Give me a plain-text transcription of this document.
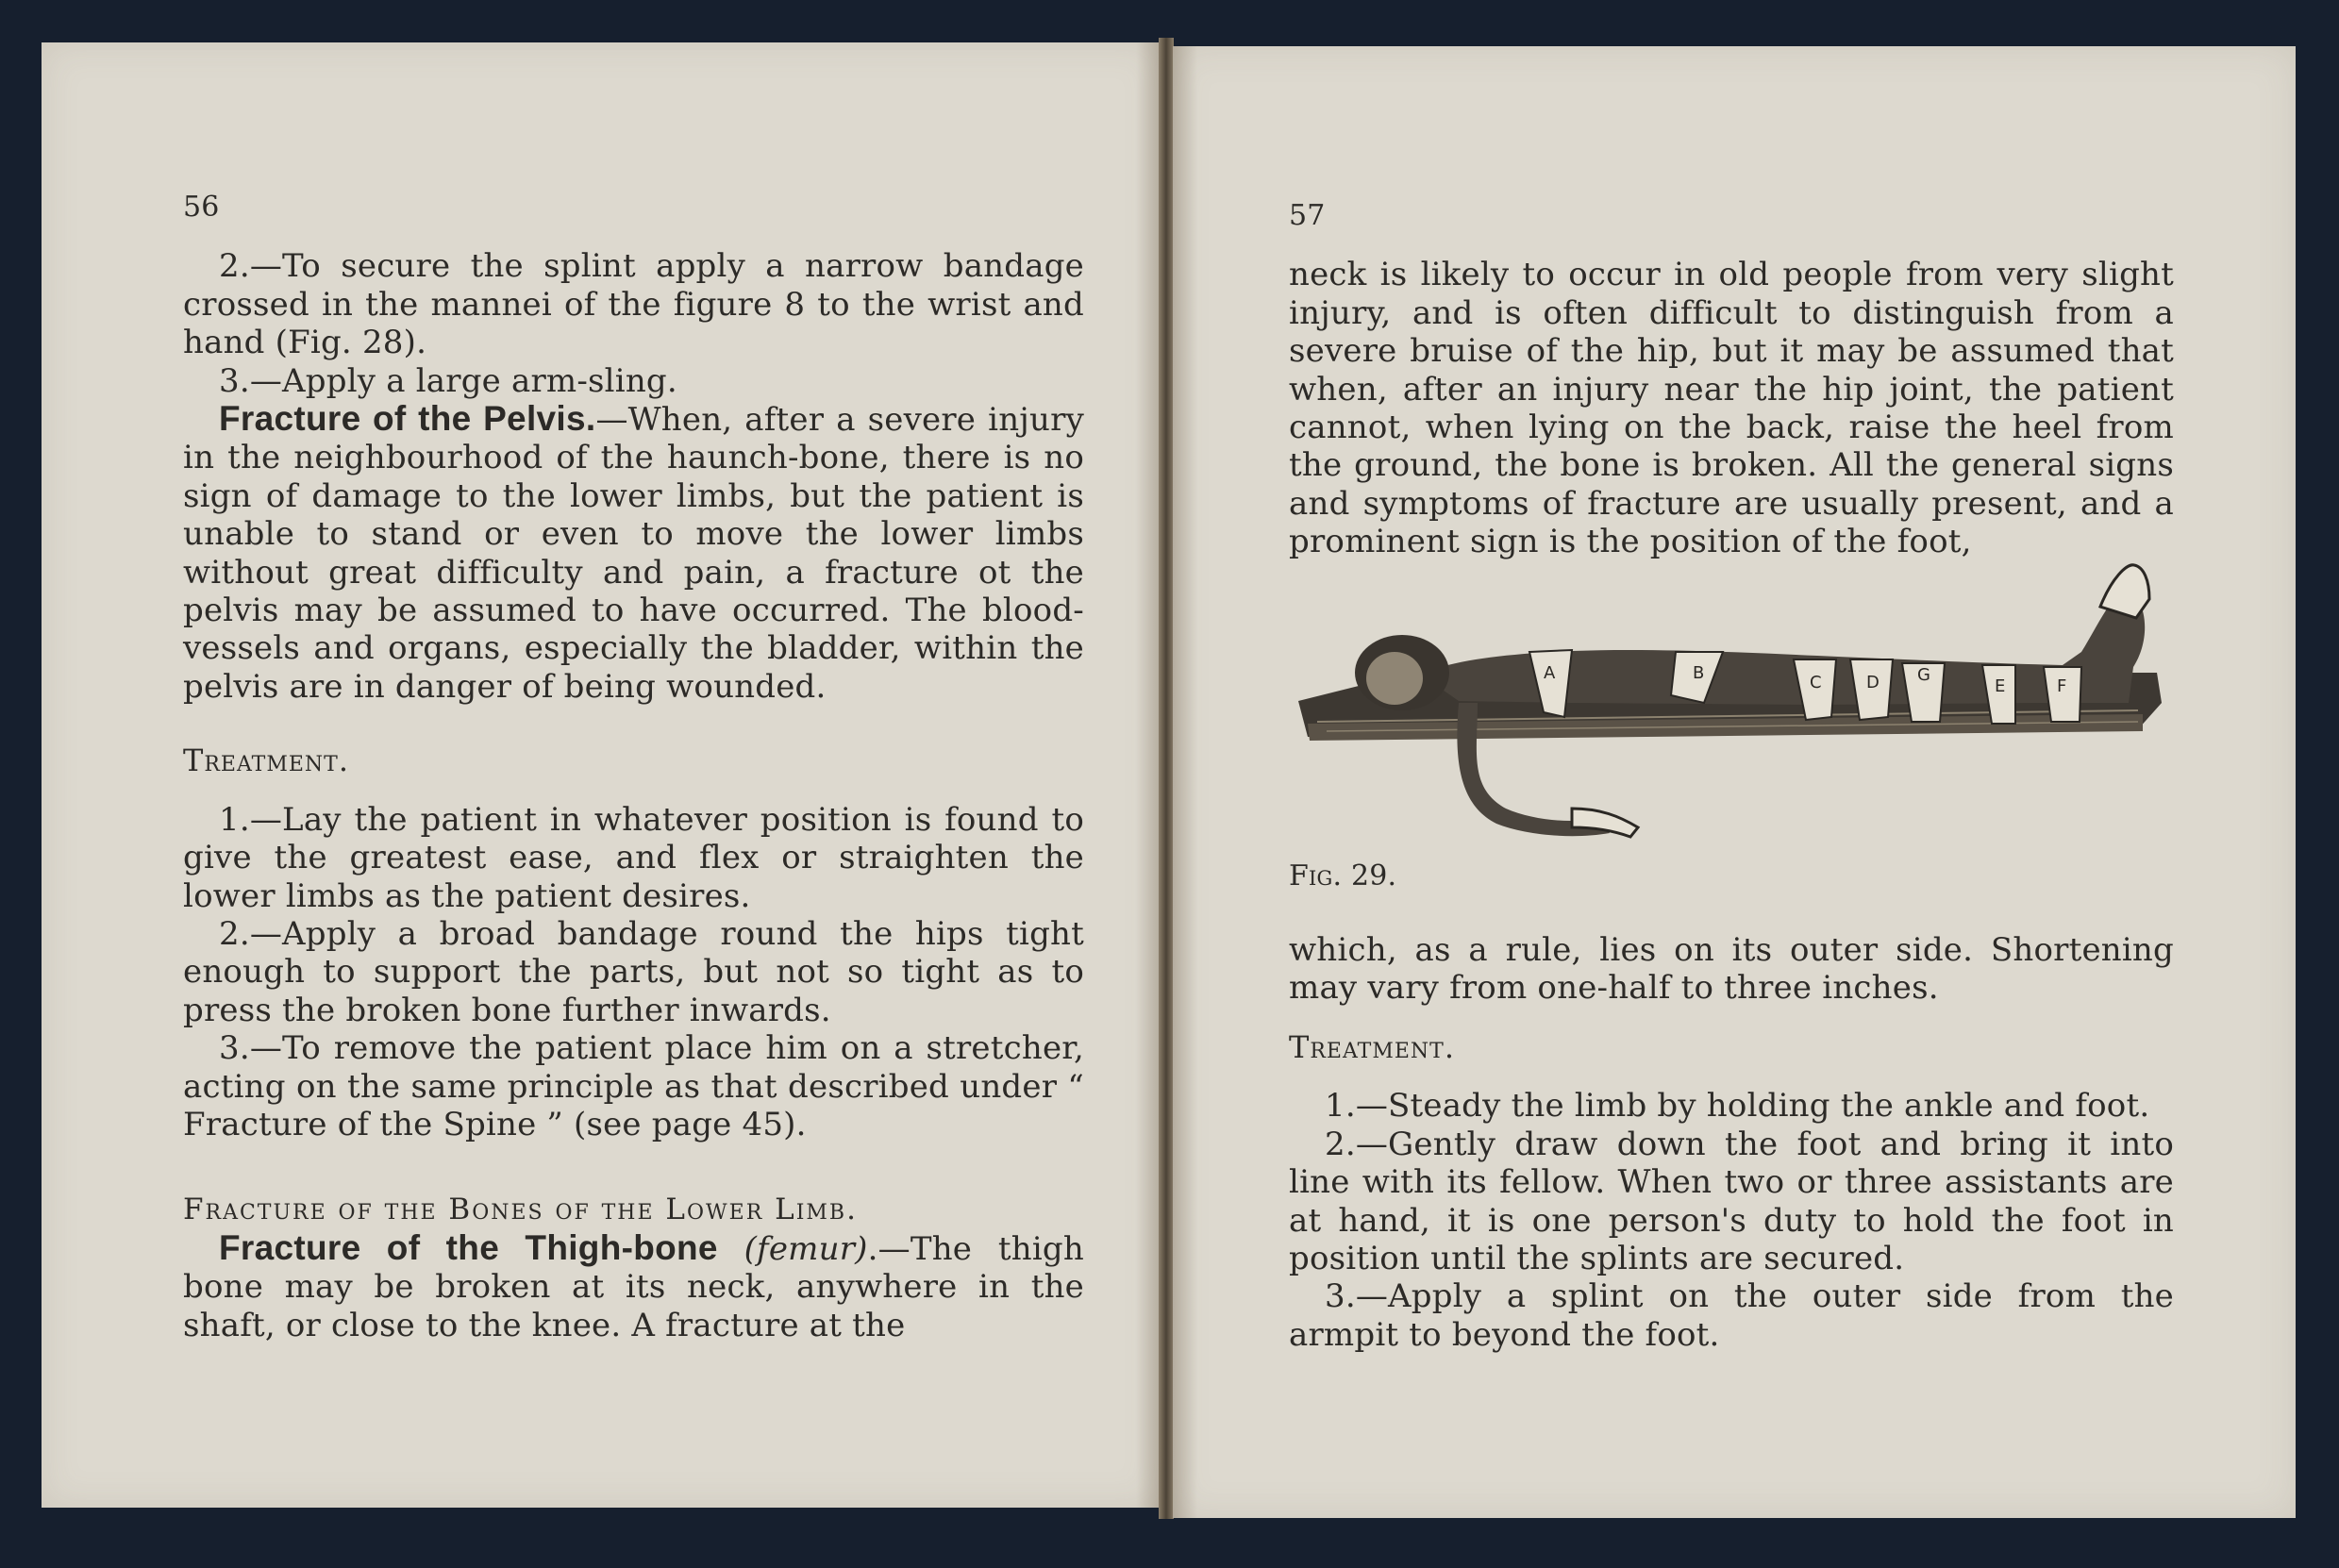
56

2.—To secure the splint apply a narrow bandage crossed in the mannei of the figure 8 to the wrist and hand (Fig. 28).

3.—Apply a large arm-sling.

Fracture of the Pelvis.—When, after a severe injury in the neighbourhood of the haunch-bone, there is no sign of damage to the lower limbs, but the patient is unable to stand or even to move the lower limbs without great difficulty and pain, a fracture ot the pelvis may be assumed to have occurred. The blood-vessels and organs, especially the bladder, within the pelvis are in danger of being wounded.

Treatment.

1.—Lay the patient in whatever position is found to give the greatest ease, and flex or straighten the lower limbs as the patient desires.

2.—Apply a broad bandage round the hips tight enough to support the parts, but not so tight as to press the broken bone further inwards.

3.—To remove the patient place him on a stretcher, acting on the same principle as that described under “ Fracture of the Spine ” (see page 45).

Fracture of the Bones of the Lower Limb.

Fracture of the Thigh-bone (femur).—The thigh bone may be broken at its neck, anywhere in the shaft, or close to the knee. A fracture at the

57

neck is likely to occur in old people from very slight injury, and is often difficult to distinguish from a severe bruise of the hip, but it may be assumed that when, after an injury near the hip joint, the patient cannot, when lying on the back, raise the heel from the ground, the bone is broken. All the general signs and symptoms of fracture are usually present, and a prominent sign is the position of the foot,

A	B	C	D G
E	F

Fig. 29.

which, as a rule, lies on its outer side. Shortening may vary from one-half to three inches.

Treatment.

1.—Steady the limb by holding the ankle and foot.

2.—Gently draw down the foot and bring it into line with its fellow. When two or three assistants are at hand, it is one person's duty to hold the foot in position until the splints are secured.

3.—Apply a splint on the outer side from the armpit to beyond the foot.
